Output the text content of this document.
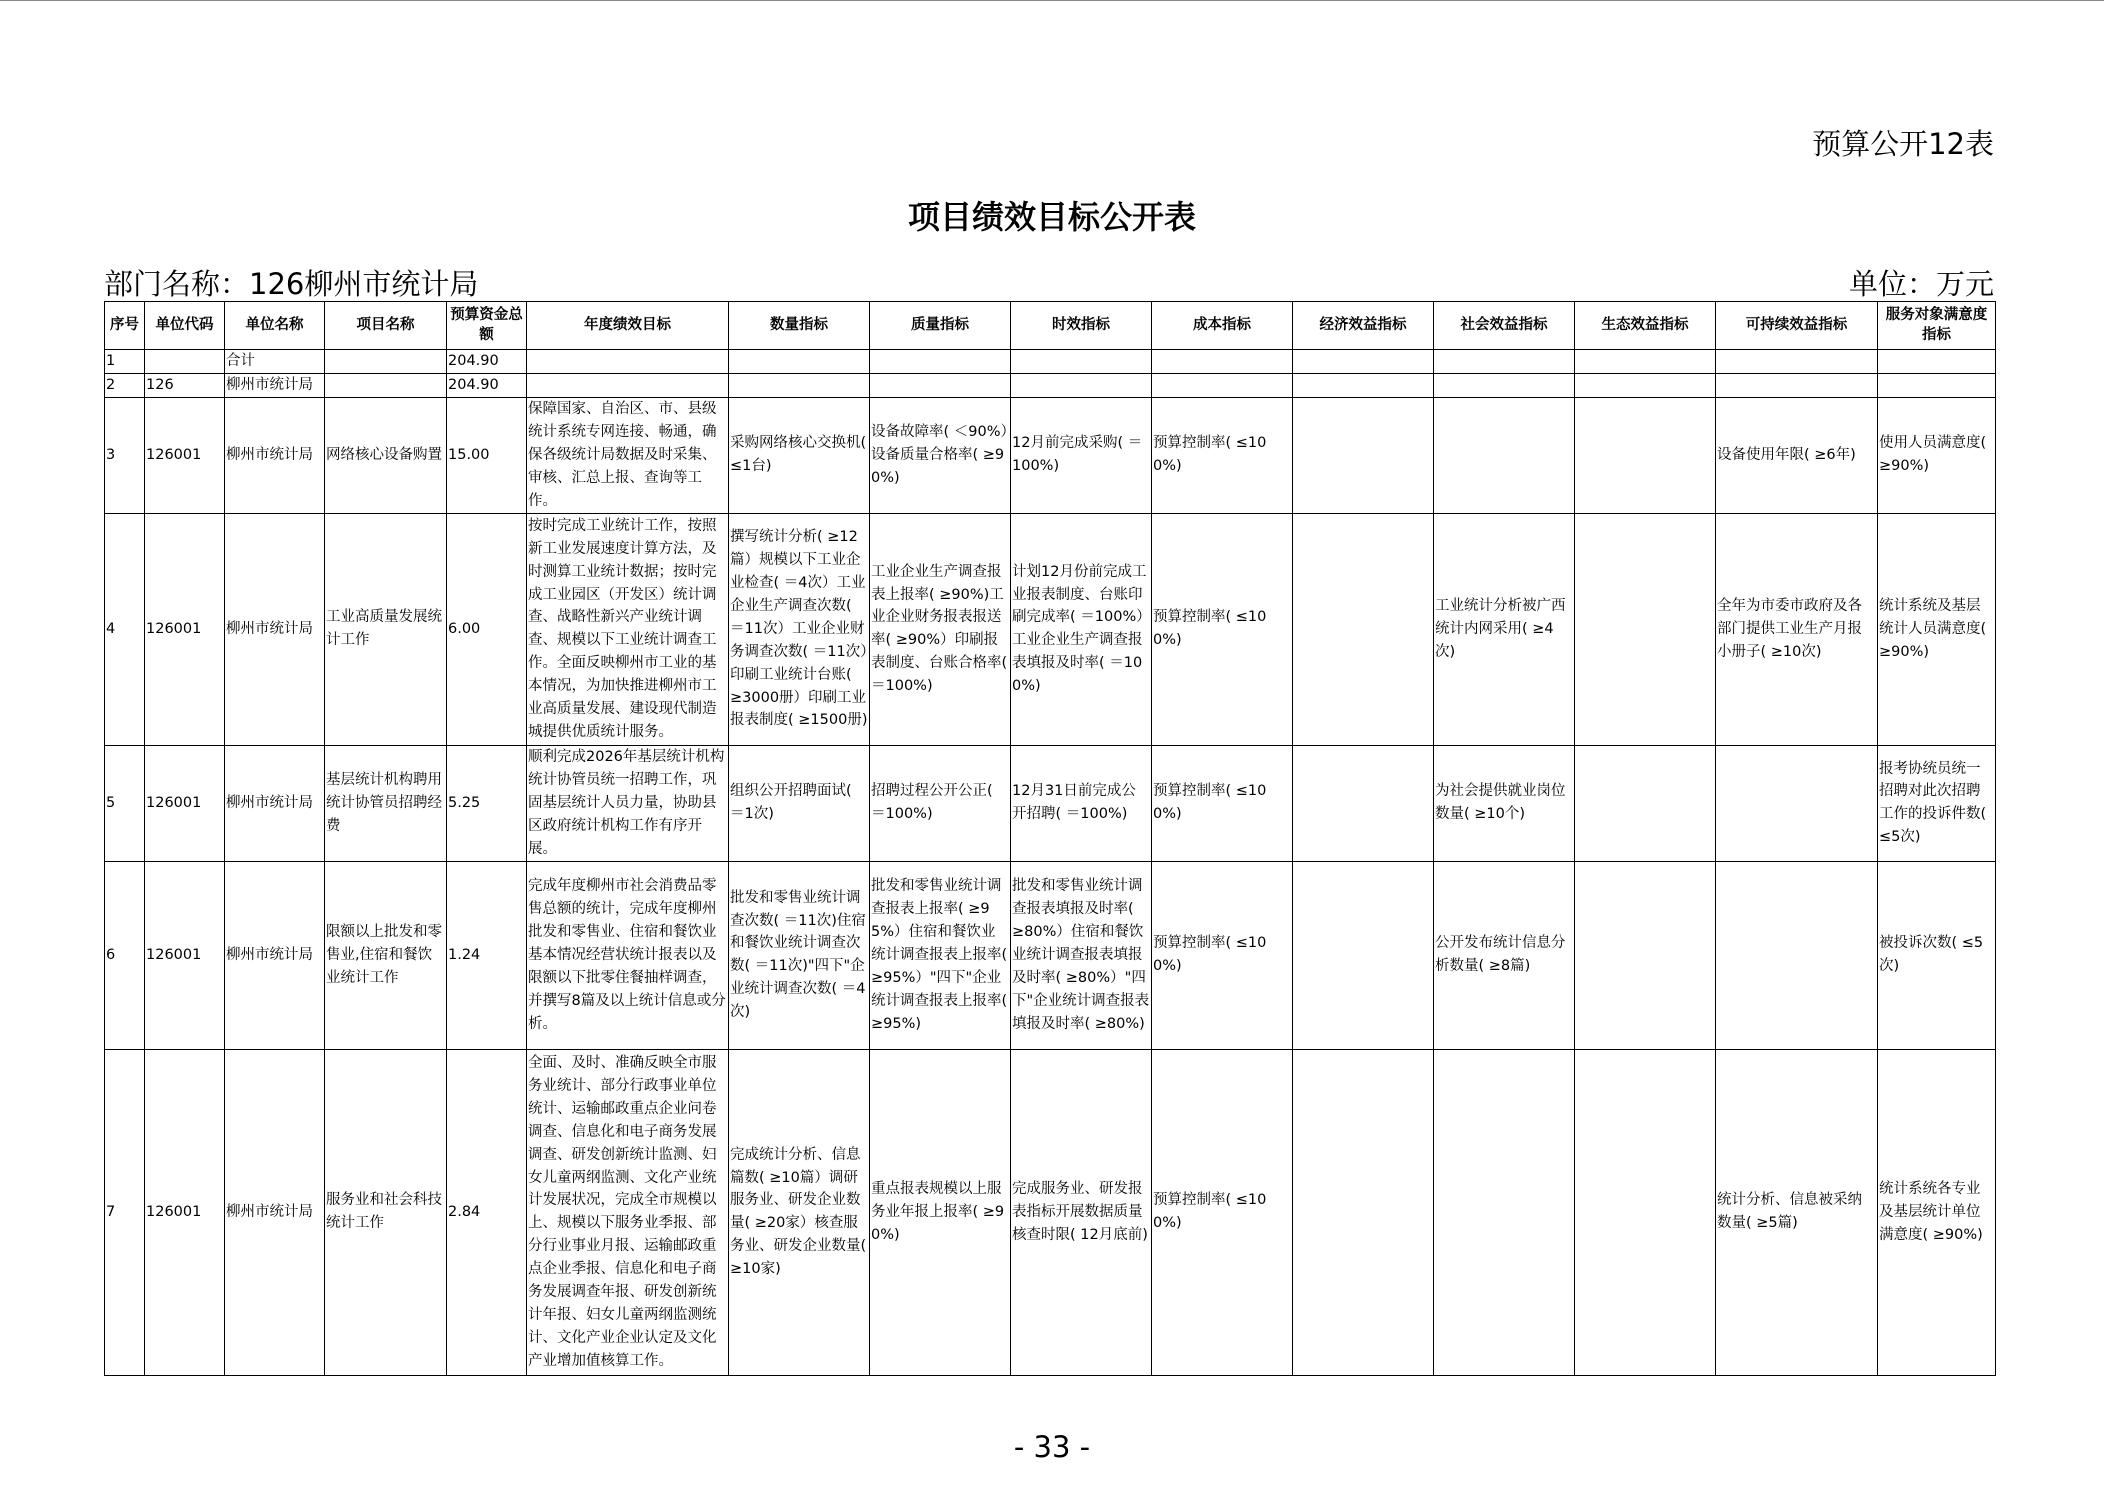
预算公开12表
项目绩效目标公开表
部门名称：126柳州市统计局	单位：万元
序号	单位代码	单位名称	项目名称	预算资金总额	年度绩效目标	数量指标	质量指标	时效指标	成本指标	经济效益指标	社会效益指标	生态效益指标	可持续效益指标	服务对象满意度指标
1		合计		204.90										
2	126	柳州市统计局		204.90										
3	126001	柳州市统计局	网络核心设备购置	15.00	保障国家、自治区、市、县级统计系统专网连接、畅通，确保各级统计局数据及时采集、审核、汇总上报、查询等工作。	采购网络核心交换机( ≤1台)	设备故障率( ＜90%）设备质量合格率( ≥90%)	12月前完成采购( ＝100%)	预算控制率( ≤100%)				设备使用年限( ≥6年)	使用人员满意度( ≥90%)
4	126001	柳州市统计局	工业高质量发展统计工作	6.00	按时完成工业统计工作，按照新工业发展速度计算方法，及时测算工业统计数据；按时完成工业园区（开发区）统计调查、战略性新兴产业统计调查、规模以下工业统计调查工作。全面反映柳州市工业的基本情况，为加快推进柳州市工业高质量发展、建设现代制造城提供优质统计服务。	撰写统计分析( ≥12篇）规模以下工业企业检查( ＝4次）工业企业生产调查次数( ＝11次）工业企业财务调查次数( ＝11次）印刷工业统计台账( ≥3000册）印刷工业报表制度( ≥1500册)	工业企业生产调查报表上报率( ≥90%)工业企业财务报表报送率( ≥90%）印刷报表制度、台账合格率( ＝100%)	计划12月份前完成工业报表制度、台账印刷完成率( ＝100%）工业企业生产调查报表填报及时率( ＝100%)	预算控制率( ≤100%)		工业统计分析被广西统计内网采用( ≥4次)		全年为市委市政府及各部门提供工业生产月报小册子( ≥10次)	统计系统及基层统计人员满意度( ≥90%)
5	126001	柳州市统计局	基层统计机构聘用统计协管员招聘经费	5.25	顺利完成2026年基层统计机构统计协管员统一招聘工作，巩固基层统计人员力量，协助县区政府统计机构工作有序开展。	组织公开招聘面试( ＝1次)	招聘过程公开公正( ＝100%)	12月31日前完成公开招聘( ＝100%)	预算控制率( ≤100%)		为社会提供就业岗位数量( ≥10个)			报考协统员统一招聘对此次招聘工作的投诉件数( ≤5次)
6	126001	柳州市统计局	限额以上批发和零售业,住宿和餐饮业统计工作	1.24	完成年度柳州市社会消费品零售总额的统计，完成年度柳州批发和零售业、住宿和餐饮业基本情况经营状统计报表以及限额以下批零住餐抽样调查，并撰写8篇及以上统计信息或分析。	批发和零售业统计调查次数( ＝11次)住宿和餐饮业统计调查次数( ＝11次)"四下"企业统计调查次数( ＝4次)	批发和零售业统计调查报表上报率( ≥95%）住宿和餐饮业统计调查报表上报率( ≥95%）"四下"企业统计调查报表上报率( ≥95%)	批发和零售业统计调查报表填报及时率( ≥80%）住宿和餐饮业统计调查报表填报及时率( ≥80%）"四下"企业统计调查报表填报及时率( ≥80%)	预算控制率( ≤100%)		公开发布统计信息分析数量( ≥8篇)			被投诉次数( ≤5次)
7	126001	柳州市统计局	服务业和社会科技统计工作	2.84	全面、及时、准确反映全市服务业统计、部分行政事业单位统计、运输邮政重点企业问卷调查、信息化和电子商务发展调查、研发创新统计监测、妇女儿童两纲监测、文化产业统计发展状况，完成全市规模以上、规模以下服务业季报、部分行业事业月报、运输邮政重点企业季报、信息化和电子商务发展调查年报、研发创新统计年报、妇女儿童两纲监测统计、文化产业企业认定及文化产业增加值核算工作。	完成统计分析、信息篇数( ≥10篇）调研服务业、研发企业数量( ≥20家）核查服务业、研发企业数量( ≥10家)	重点报表规模以上服务业年报上报率( ≥90%)	完成服务业、研发报表指标开展数据质量核查时限( 12月底前)	预算控制率( ≤100%)				统计分析、信息被采纳数量( ≥5篇)	统计系统各专业及基层统计单位满意度( ≥90%)
- 33 -
